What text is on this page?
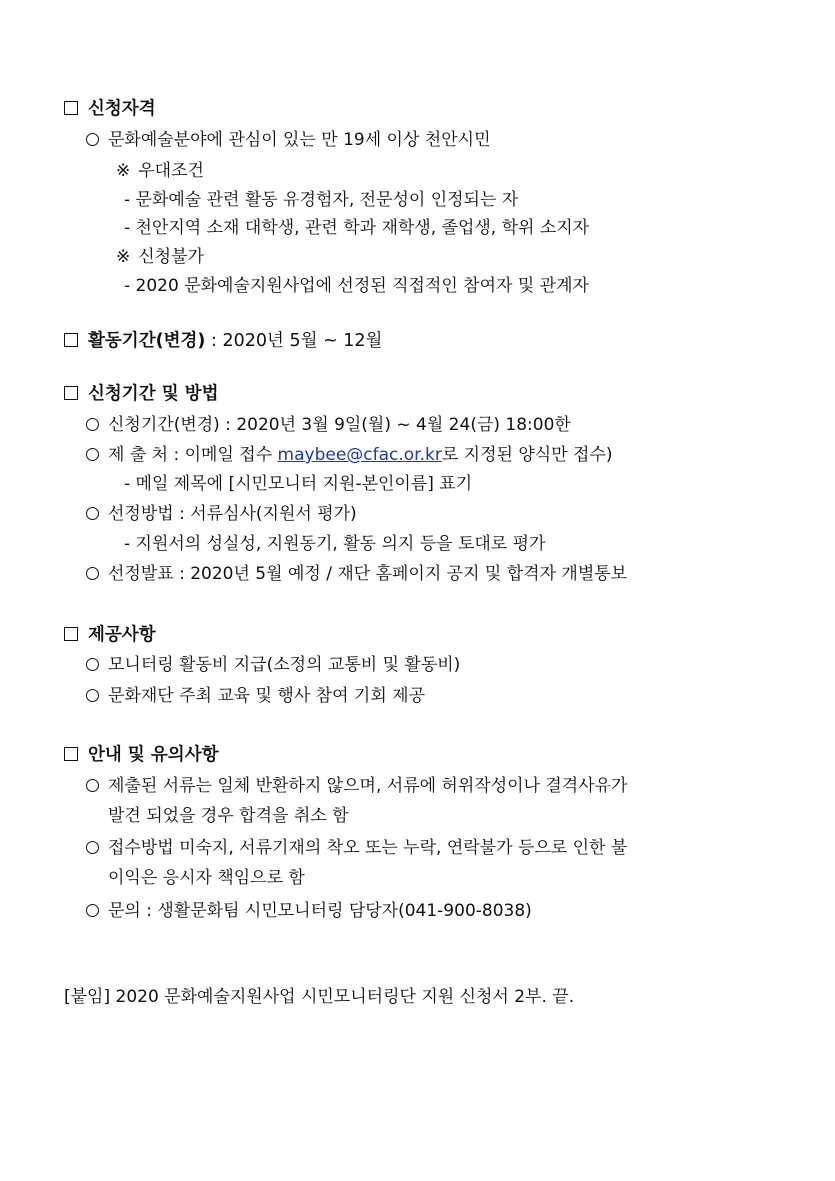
신청자격
문화예술분야에 관심이 있는 만 19세 이상 천안시민
※ 우대조건
- 문화예술 관련 활동 유경험자, 전문성이 인정되는 자
- 천안지역 소재 대학생, 관련 학과 재학생, 졸업생, 학위 소지자
※ 신청불가
- 2020 문화예술지원사업에 선정된 직접적인 참여자 및 관계자
활동기간(변경) : 2020년 5월 ~ 12월
신청기간 및 방법
신청기간(변경) : 2020년 3월 9일(월) ~ 4월 24(금) 18:00한
제 출 처 : 이메일 접수 maybee@cfac.or.kr로 지정된 양식만 접수)
- 메일 제목에 [시민모니터 지원-본인이름] 표기
선정방법 : 서류심사(지원서 평가)
- 지원서의 성실성, 지원동기, 활동 의지 등을 토대로 평가
선정발표 : 2020년 5월 예정 / 재단 홈페이지 공지 및 합격자 개별통보
제공사항
모니터링 활동비 지급(소정의 교통비 및 활동비)
문화재단 주최 교육 및 행사 참여 기회 제공
안내 및 유의사항
제출된 서류는 일체 반환하지 않으며, 서류에 허위작성이나 결격사유가
발견 되었을 경우 합격을 취소 함
접수방법 미숙지, 서류기재의 착오 또는 누락, 연락불가 등으로 인한 불
이익은 응시자 책임으로 함
문의 : 생활문화팀 시민모니터링 담당자(041-900-8038)
[붙임] 2020 문화예술지원사업 시민모니터링단 지원 신청서 2부. 끝.
